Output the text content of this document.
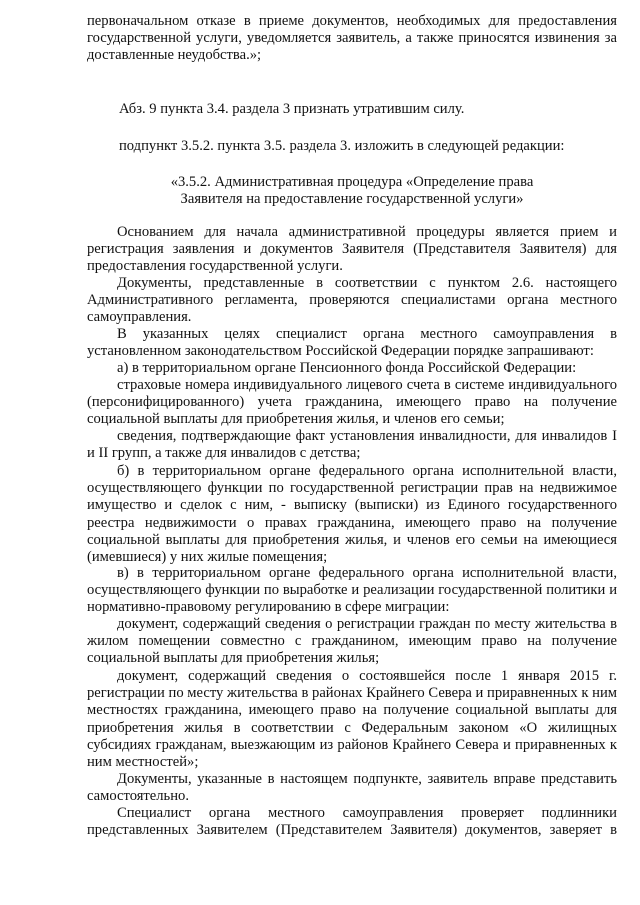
первоначальном отказе в приеме документов, необходимых для предоставления государственной услуги, уведомляется заявитель, а также приносятся извинения за доставленные неудобства.»;

Абз. 9 пункта 3.4. раздела 3 признать утратившим силу.

подпункт 3.5.2. пункта 3.5. раздела 3. изложить в следующей редакции:

«3.5.2. Административная процедура «Определение права
Заявителя на предоставление государственной услуги»

Основанием для начала административной процедуры является прием и регистрация заявления и документов Заявителя (Представителя Заявителя) для предоставления государственной услуги.

Документы, представленные в соответствии с пунктом 2.6. настоящего Административного регламента, проверяются специалистами органа местного самоуправления.

В указанных целях специалист органа местного самоуправления в установленном законодательством Российской Федерации порядке запрашивают:

а) в территориальном органе Пенсионного фонда Российской Федерации:

страховые номера индивидуального лицевого счета в системе индивидуального (персонифицированного) учета гражданина, имеющего право на получение социальной выплаты для приобретения жилья, и членов его семьи;

сведения, подтверждающие факт установления инвалидности, для инвалидов I и II групп, а также для инвалидов с детства;

б) в территориальном органе федерального органа исполнительной власти, осуществляющего функции по государственной регистрации прав на недвижимое имущество и сделок с ним, - выписку (выписки) из Единого государственного реестра недвижимости о правах гражданина, имеющего право на получение социальной выплаты для приобретения жилья, и членов его семьи на имеющиеся (имевшиеся) у них жилые помещения;

в) в территориальном органе федерального органа исполнительной власти, осуществляющего функции по выработке и реализации государственной политики и нормативно-правовому регулированию в сфере миграции:

документ, содержащий сведения о регистрации граждан по месту жительства в жилом помещении совместно с гражданином, имеющим право на получение социальной выплаты для приобретения жилья;

документ, содержащий сведения о состоявшейся после 1 января 2015 г. регистрации по месту жительства в районах Крайнего Севера и приравненных к ним местностях гражданина, имеющего право на получение социальной выплаты для приобретения жилья в соответствии с Федеральным законом «О жилищных субсидиях гражданам, выезжающим из районов Крайнего Севера и приравненных к ним местностей»;

Документы, указанные в настоящем подпункте, заявитель вправе представить самостоятельно.

Специалист органа местного самоуправления проверяет подлинники
представленных Заявителем (Представителем Заявителя) документов, заверяет в
